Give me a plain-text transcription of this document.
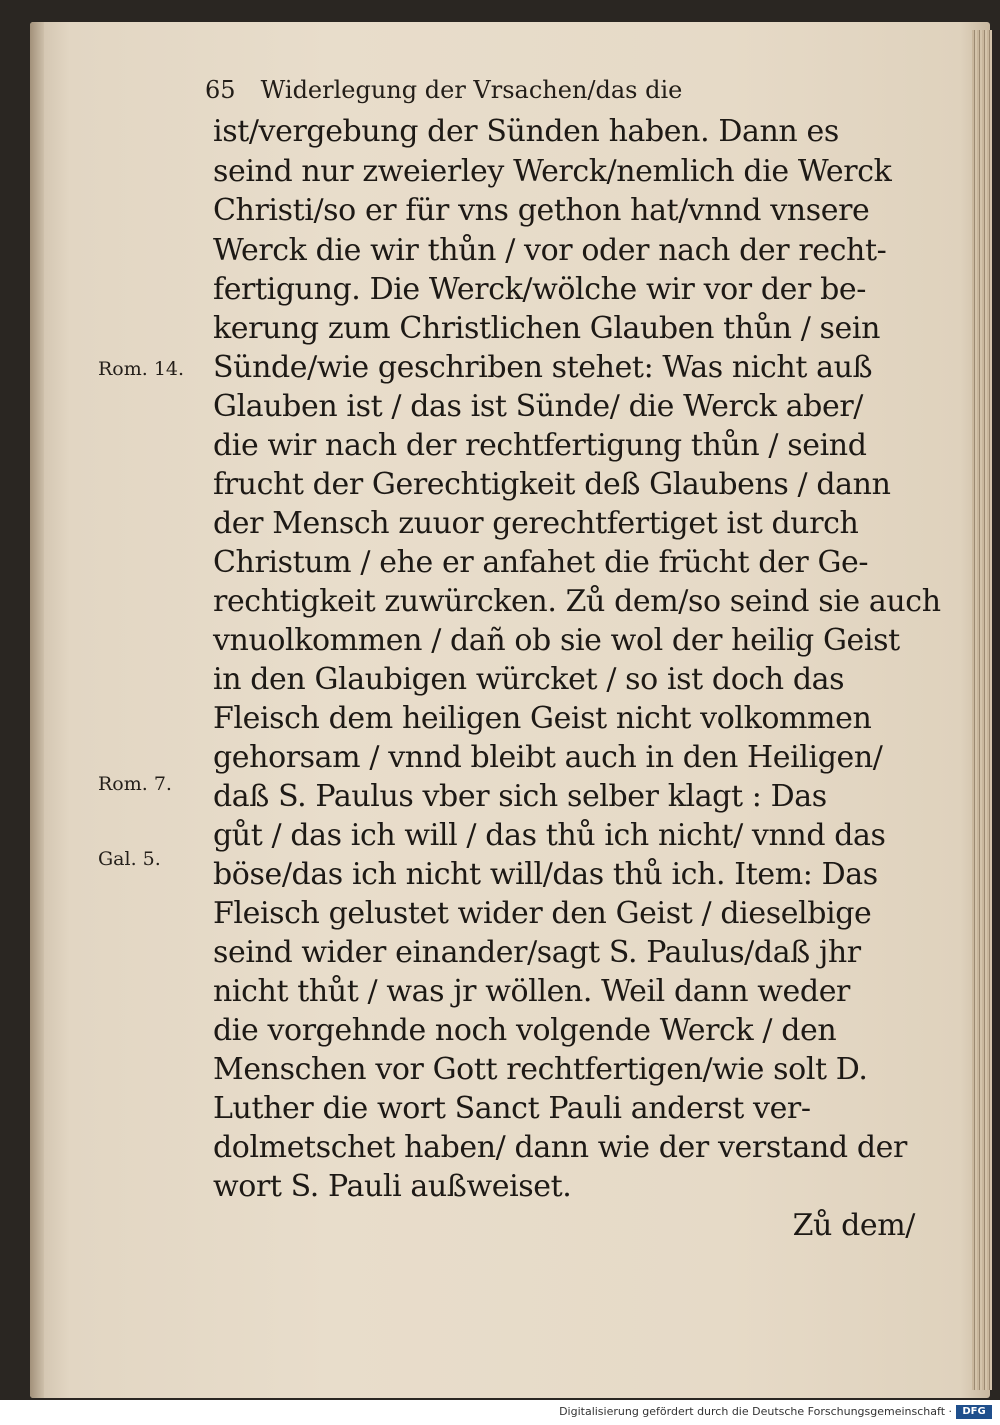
65 Widerlegung der Vrsachen/das die
ist/vergebung der Sünden haben. Dann es
seind nur zweierley Werck/nemlich die Werck
Christi/so er für vns gethon hat/vnnd vnsere
Werck die wir thůn / vor oder nach der recht-
fertigung. Die Werck/wölche wir vor der be-
kerung zum Christlichen Glauben thůn / sein
Sünde/wie geschriben stehet: Was nicht auß
Glauben ist / das ist Sünde/ die Werck aber/
die wir nach der rechtfertigung thůn / seind
frucht der Gerechtigkeit deß Glaubens / dann
der Mensch zuuor gerechtfertiget ist durch
Christum / ehe er anfahet die frücht der Ge-
rechtigkeit zuwürcken. Zů dem/so seind sie auch
vnuolkommen / dañ ob sie wol der heilig Geist
in den Glaubigen würcket / so ist doch das
Fleisch dem heiligen Geist nicht volkommen
gehorsam / vnnd bleibt auch in den Heiligen/
daß S. Paulus vber sich selber klagt : Das
gůt / das ich will / das thů ich nicht/ vnnd das
böse/das ich nicht will/das thů ich. Item: Das
Fleisch gelustet wider den Geist / dieselbige
seind wider einander/sagt S. Paulus/daß jhr
nicht thůt / was jr wöllen. Weil dann weder
die vorgehnde noch volgende Werck / den
Menschen vor Gott rechtfertigen/wie solt D.
Luther die wort Sanct Pauli anderst ver-
dolmetschet haben/ dann wie der verstand der
wort S. Pauli außweiset.
Zů dem/
Rom. 14.
Rom. 7.
Gal. 5.
Digitalisierung gefördert durch die Deutsche Forschungsgemeinschaft ·	DFG
